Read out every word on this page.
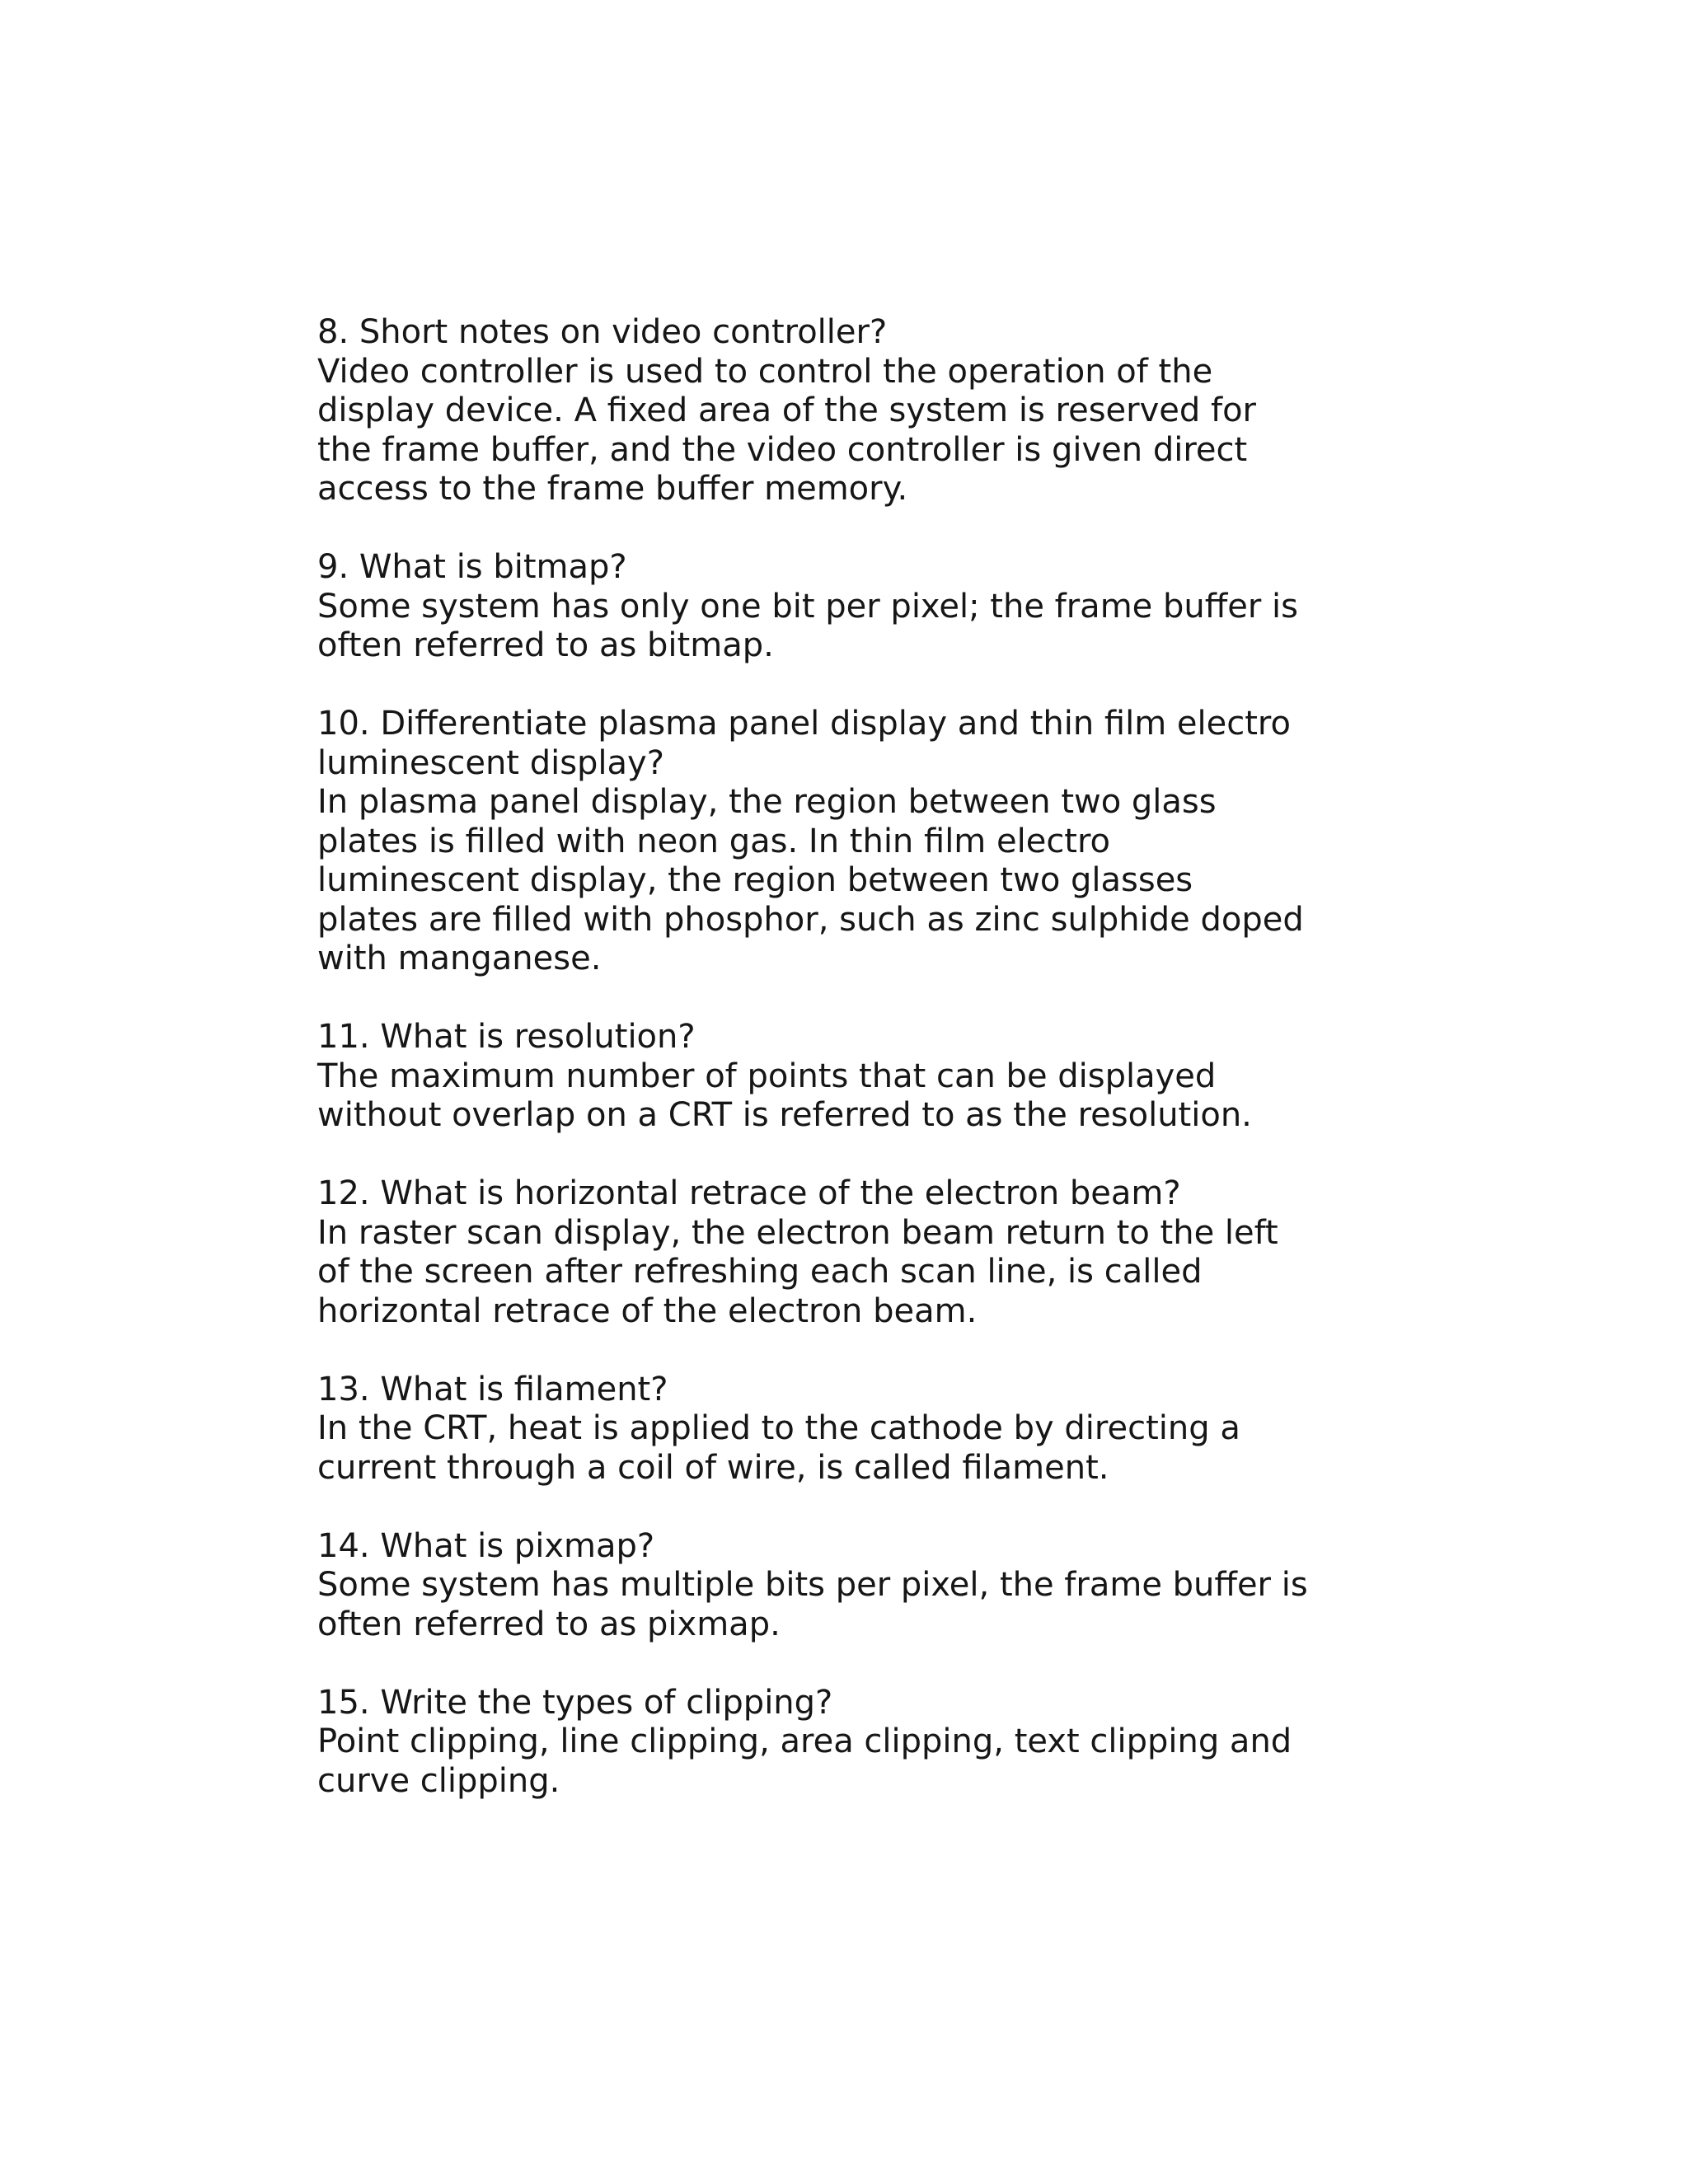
8. Short notes on video controller?

Video controller is used to control the operation of the
display device. A fixed area of the system is reserved for
the frame buffer, and the video controller is given direct
access to the frame buffer memory.

9. What is bitmap?

Some system has only one bit per pixel; the frame buffer is
often referred to as bitmap.

10. Differentiate plasma panel display and thin film electro
luminescent display?

In plasma panel display, the region between two glass
plates is filled with neon gas. In thin film electro
luminescent display, the region between two glasses
plates are filled with phosphor, such as zinc sulphide doped
with manganese.

11. What is resolution?

The maximum number of points that can be displayed
without overlap on a CRT is referred to as the resolution.

12. What is horizontal retrace of the electron beam?

In raster scan display, the electron beam return to the left
of the screen after refreshing each scan line, is called
horizontal retrace of the electron beam.

13. What is filament?

In the CRT, heat is applied to the cathode by directing a
current through a coil of wire, is called filament.

14. What is pixmap?

Some system has multiple bits per pixel, the frame buffer is
often referred to as pixmap.

15. Write the types of clipping?

Point clipping, line clipping, area clipping, text clipping and
curve clipping.
